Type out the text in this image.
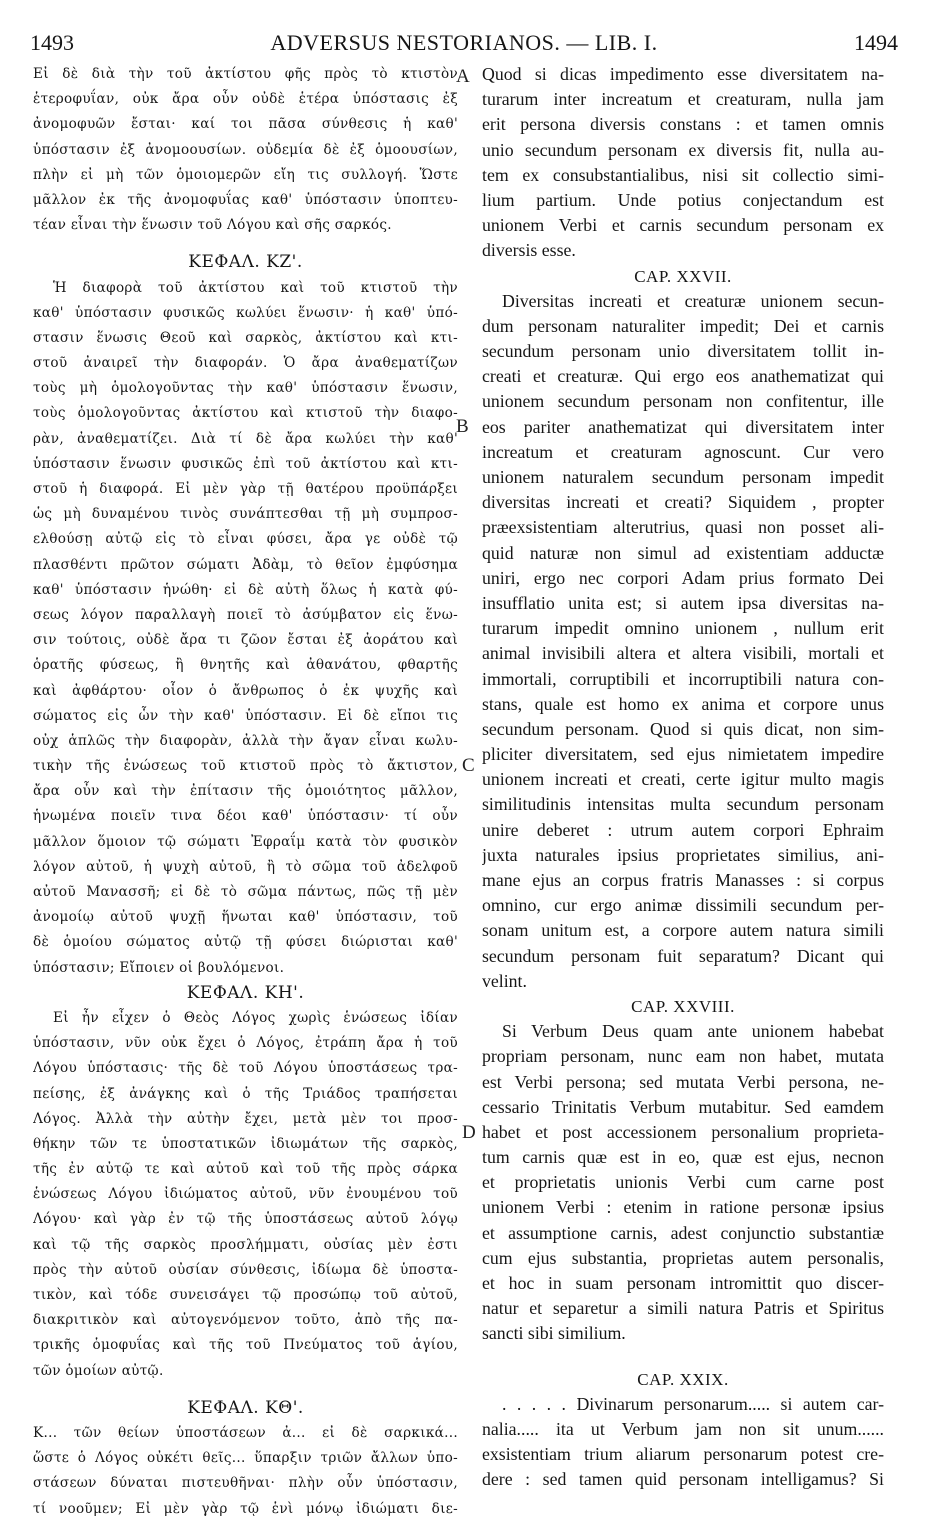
1493	ADVERSUS NESTORIANOS. — LIB. I.	1494
Εἰ δὲ διὰ τὴν τοῦ ἀκτίστου φῆς πρὸς τὸ κτιστὸν
ἑτεροφυΐαν, οὐκ ἄρα οὖν οὐδὲ ἑτέρα ὑπόστασις ἐξ
ἀνομοφυῶν ἔσται· καί τοι πᾶσα σύνθεσις ἡ καθ'
ὑπόστασιν ἐξ ἀνομοουσίων. οὐδεμία δὲ ἐξ ὁμοουσίων,
πλὴν εἰ μὴ τῶν ὁμοιομερῶν εἴη τις συλλογή. Ὥστε
μᾶλλον ἐκ τῆς ἀνομοφυΐας καθ' ὑπόστασιν ὑποπτευ-
τέαν εἶναι τὴν ἕνωσιν τοῦ Λόγου καὶ σῆς σαρκός.
ΚΕΦΑΛ. ΚΖ'.
Ἡ διαφορὰ τοῦ ἀκτίστου καὶ τοῦ κτιστοῦ τὴν
καθ' ὑπόστασιν φυσικῶς κωλύει ἕνωσιν· ἡ καθ' ὑπό-
στασιν ἕνωσις Θεοῦ καὶ σαρκὸς, ἀκτίστου καὶ κτι-
στοῦ ἀναιρεῖ τὴν διαφοράν. Ὁ ἄρα ἀναθεματίζων
τοὺς μὴ ὁμολογοῦντας τὴν καθ' ὑπόστασιν ἕνωσιν,
τοὺς ὁμολογοῦντας ἀκτίστου καὶ κτιστοῦ τὴν διαφο-
ρὰν, ἀναθεματίζει. Διὰ τί δὲ ἄρα κωλύει τὴν καθ'
ὑπόστασιν ἕνωσιν φυσικῶς ἐπὶ τοῦ ἀκτίστου καὶ κτι-
στοῦ ἡ διαφορά. Εἰ μὲν γὰρ τῇ θατέρου προϋπάρξει
ὡς μὴ δυναμένου τινὸς συνάπτεσθαι τῇ μὴ συμπροσ-
ελθούσῃ αὐτῷ εἰς τὸ εἶναι φύσει, ἄρα γε οὐδὲ τῷ
πλασθέντι πρῶτον σώματι Ἀδὰμ, τὸ θεῖον ἐμφύσημα
καθ' ὑπόστασιν ἡνώθη· εἰ δὲ αὐτὴ ὅλως ἡ κατὰ φύ-
σεως λόγον παραλλαγὴ ποιεῖ τὸ ἀσύμβατον εἰς ἕνω-
σιν τούτοις, οὐδὲ ἄρα τι ζῶον ἔσται ἐξ ἀοράτου καὶ
ὁρατῆς φύσεως, ἢ θνητῆς καὶ ἀθανάτου, φθαρτῆς
καὶ ἀφθάρτου· οἷον ὁ ἄνθρωπος ὁ ἐκ ψυχῆς καὶ
σώματος εἰς ὧν τὴν καθ' ὑπόστασιν. Εἰ δὲ εἴποι τις
οὐχ ἁπλῶς τὴν διαφορὰν, ἀλλὰ τὴν ἄγαν εἶναι κωλυ-
τικὴν τῆς ἑνώσεως τοῦ κτιστοῦ πρὸς τὸ ἄκτιστον,
ἄρα οὖν καὶ τὴν ἐπίτασιν τῆς ὁμοιότητος μᾶλλον,
ἡνωμένα ποιεῖν τινα δέοι καθ' ὑπόστασιν· τί οὖν
μᾶλλον ὅμοιον τῷ σώματι Ἐφραΐμ κατὰ τὸν φυσικὸν
λόγον αὐτοῦ, ἡ ψυχὴ αὐτοῦ, ἢ τὸ σῶμα τοῦ ἀδελφοῦ
αὐτοῦ Μανασσῆ; εἰ δὲ τὸ σῶμα πάντως, πῶς τῇ μὲν
ἀνομοίῳ αὐτοῦ ψυχῇ ἥνωται καθ' ὑπόστασιν, τοῦ
δὲ ὁμοίου σώματος αὐτῷ τῇ φύσει διώρισται καθ'
ὑπόστασιν; Εἴποιεν οἱ βουλόμενοι.
ΚΕΦΑΛ. ΚΗ'.
Εἰ ἦν εἶχεν ὁ Θεὸς Λόγος χωρὶς ἑνώσεως ἰδίαν
ὑπόστασιν, νῦν οὐκ ἔχει ὁ Λόγος, ἐτράπη ἄρα ἡ τοῦ
Λόγου ὑπόστασις· τῆς δὲ τοῦ Λόγου ὑποστάσεως τρα-
πείσης, ἐξ ἀνάγκης καὶ ὁ τῆς Τριάδος τραπήσεται
Λόγος. Ἀλλὰ τὴν αὐτὴν ἔχει, μετὰ μὲν τοι προσ-
θήκην τῶν τε ὑποστατικῶν ἰδιωμάτων τῆς σαρκὸς,
τῆς ἐν αὐτῷ τε καὶ αὐτοῦ καὶ τοῦ τῆς πρὸς σάρκα
ἑνώσεως Λόγου ἰδιώματος αὐτοῦ, νῦν ἐνουμένου τοῦ
Λόγου· καὶ γὰρ ἐν τῷ τῆς ὑποστάσεως αὐτοῦ λόγῳ
καὶ τῷ τῆς σαρκὸς προσλήμματι, οὐσίας μὲν ἐστι
πρὸς τὴν αὐτοῦ οὐσίαν σύνθεσις, ἰδίωμα δὲ ὑποστα-
τικὸν, καὶ τόδε συνεισάγει τῷ προσώπῳ τοῦ αὐτοῦ,
διακριτικὸν καὶ αὐτογενόμενον τοῦτο, ἀπὸ τῆς πα-
τρικῆς ὁμοφυΐας καὶ τῆς τοῦ Πνεύματος τοῦ ἁγίου,
τῶν ὁμοίων αὐτῷ.
ΚΕΦΑΛ. ΚΘ'.
Κ... τῶν θείων ὑποστάσεων ἀ... εἰ δὲ σαρκικά...
ὥστε ὁ Λόγος οὐκέτι θεῖς... ὕπαρξιν τριῶν ἄλλων ὑπο-
στάσεων δύναται πιστευθῆναι· πλὴν οὖν ὑπόστασιν,
τί νοοῦμεν; Εἰ μὲν γὰρ τῷ ἑνὶ μόνῳ ἰδιώματι διε-
Quod si dicas impedimento esse diversitatem na-
turarum inter increatum et creaturam, nulla jam
erit persona diversis constans : et tamen omnis
unio secundum personam ex diversis fit, nulla au-
tem ex consubstantialibus, nisi sit collectio simi-
lium partium. Unde potius conjectandum est
unionem Verbi et carnis secundum personam ex
diversis esse.
CAP. XXVII.
Diversitas increati et creaturæ unionem secun-
dum personam naturaliter impedit; Dei et carnis
secundum personam unio diversitatem tollit in-
creati et creaturæ. Qui ergo eos anathematizat qui
unionem secundum personam non confitentur, ille
eos pariter anathematizat qui diversitatem inter
increatum et creaturam agnoscunt. Cur vero
unionem naturalem secundum personam impedit
diversitas increati et creati? Siquidem , propter
præexsistentiam alterutrius, quasi non posset ali-
quid naturæ non simul ad existentiam adductæ
uniri, ergo nec corpori Adam prius formato Dei
insufflatio unita est; si autem ipsa diversitas na-
turarum impedit omnino unionem , nullum erit
animal invisibili altera et altera visibili, mortali et
immortali, corruptibili et incorruptibili natura con-
stans, quale est homo ex anima et corpore unus
secundum personam. Quod si quis dicat, non sim-
pliciter diversitatem, sed ejus nimietatem impedire
unionem increati et creati, certe igitur multo magis
similitudinis intensitas multa secundum personam
unire deberet : utrum autem corpori Ephraim
juxta naturales ipsius proprietates similius, ani-
mane ejus an corpus fratris Manasses : si corpus
omnino, cur ergo animæ dissimili secundum per-
sonam unitum est, a corpore autem natura simili
secundum personam fuit separatum? Dicant qui
velint.
CAP. XXVIII.
Si Verbum Deus quam ante unionem habebat
propriam personam, nunc eam non habet, mutata
est Verbi persona; sed mutata Verbi persona, ne-
cessario Trinitatis Verbum mutabitur. Sed eamdem
habet et post accessionem personalium proprieta-
tum carnis quæ est in eo, quæ est ejus, necnon
et proprietatis unionis Verbi cum carne post
unionem Verbi : etenim in ratione personæ ipsius
et assumptione carnis, adest conjunctio substantiæ
cum ejus substantia, proprietas autem personalis,
et hoc in suam personam intromittit quo discer-
natur et separetur a simili natura Patris et Spiritus
sancti sibi similium.
CAP. XXIX.
. . . . . Divinarum personarum..... si autem car-
nalia..... ita ut Verbum jam non sit unum......
exsistentiam trium aliarum personarum potest cre-
dere : sed tamen quid personam intelligamus? Si
A
B
C
D
